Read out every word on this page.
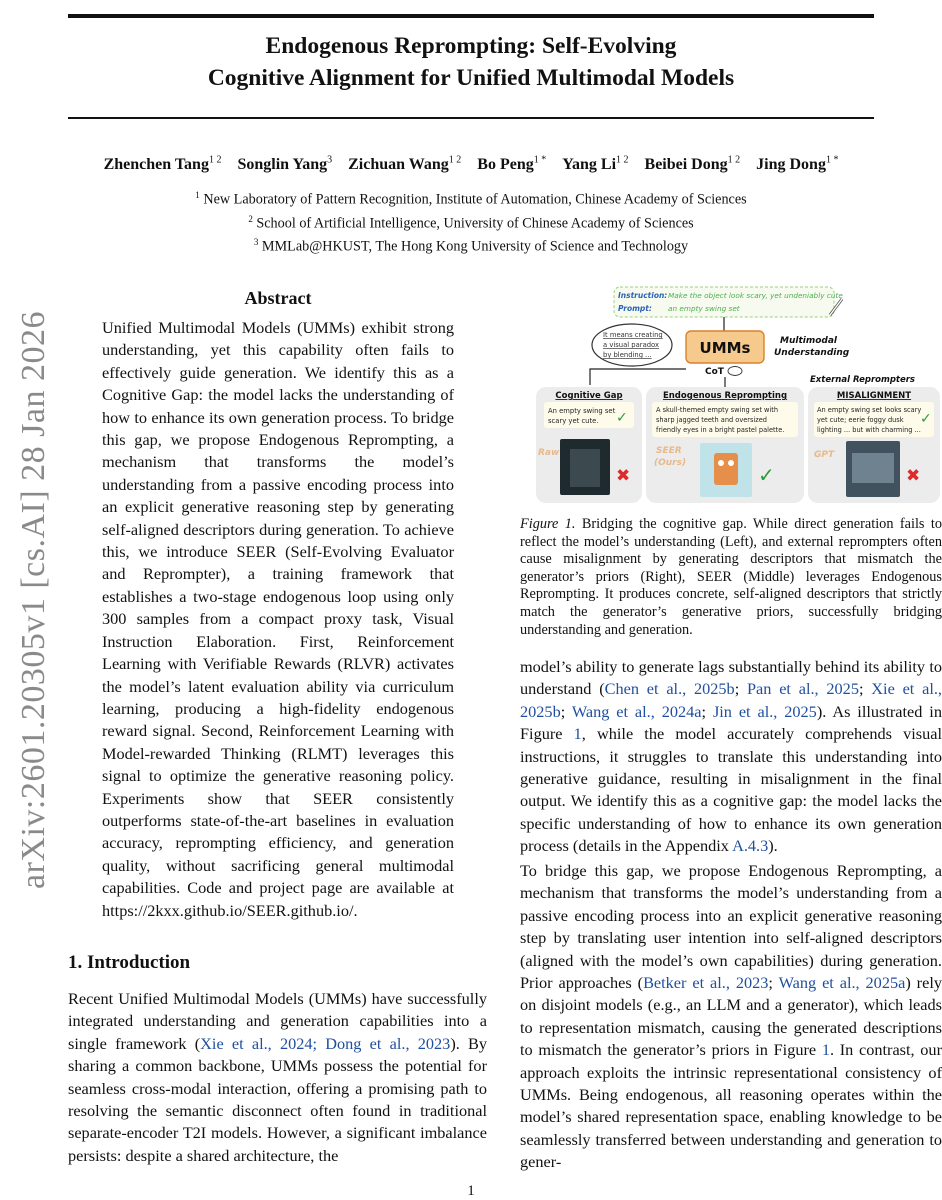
Endogenous Reprompting: Self-Evolving
Cognitive Alignment for Unified Multimodal Models
Zhenchen Tang$^{1 2}$ Songlin Yang$^3$ Zichuan Wang$^{1 2}$ Bo Peng$^{1 *}$ Yang $Li^{1 2}$ Beibei Dong$^{1 2}$ Jing Dong$^{1 *}$
$^1$ New Laboratory of Pattern Recognition, Institute of Automation, Chinese Academy of Sciences
$^2$ School of Artificial Intelligence, University of Chinese Academy of Sciences
$^3$ MMLab@HKUST, The Hong Kong University of Science and Technology
arXiv:2601.20305v1 [cs.AI] 28 Jan 2026
Abstract
Unified Multimodal Models (UMMs) exhibit strong understanding, yet this capability often fails to effectively guide generation. We identify this as a Cognitive Gap: the model lacks the understanding of how to enhance its own generation process. To bridge this gap, we propose Endogenous Reprompting, a mechanism that transforms the model’s understanding from a passive encoding process into an explicit generative reasoning step by generating self-aligned descriptors during generation. To achieve this, we introduce SEER (Self-Evolving Evaluator and Reprompter), a training framework that establishes a two-stage endogenous loop using only 300 samples from a compact proxy task, Visual Instruction Elaboration. First, Reinforcement Learning with Verifiable Rewards (RLVR) activates the model’s latent evaluation ability via curriculum learning, producing a high-fidelity endogenous reward signal. Second, Reinforcement Learning with Model-rewarded Thinking (RLMT) leverages this signal to optimize the generative reasoning policy. Experiments show that SEER consistently outperforms state-of-the-art baselines in evaluation accuracy, reprompting efficiency, and generation quality, without sacrificing general multimodal capabilities. Code and project page are available at https://2kxx.github.io/SEER.github.io/.
1. Introduction
Recent Unified Multimodal Models (UMMs) have successfully integrated understanding and generation capabilities into a single framework (Xie et al., 2024; Dong et al., 2023). By sharing a common backbone, UMMs possess the potential for seamless cross-modal interaction, offering a promising path to resolving the semantic disconnect often found in traditional separate-encoder T2I models. However, a significant imbalance persists: despite a shared architecture, the
Instruction: Make the object look scary, yet undeniably cute
Prompt: an empty swing set
It means creating
a visual paradox
by blending ...	UMMs	Multimodal
Understanding
CoT
External Reprompters
Cognitive Gap
An empty swing set
scary yet cute. ✓
Raw
✖
Endogenous Reprompting
A skull-themed empty swing set with
sharp jagged teeth and oversized
friendly eyes in a bright pastel palette.
SEER
(Ours)	✓
MISALIGNMENT
An empty swing set looks scary
yet cute; eerie foggy dusk
lighting ... but with charming ...
✓
GPT
✖
Figure 1. Bridging the cognitive gap. While direct generation fails to reflect the model’s understanding (Left), and external reprompters often cause misalignment by generating descriptors that mismatch the generator’s priors (Right), SEER (Middle) leverages Endogenous Reprompting. It produces concrete, self-aligned descriptors that strictly match the generator’s generative priors, successfully bridging understanding and generation.
model’s ability to generate lags substantially behind its ability to understand (Chen et al., 2025b; Pan et al., 2025; Xie et al., 2025b; Wang et al., 2024a; Jin et al., 2025). As illustrated in Figure 1, while the model accurately comprehends visual instructions, it struggles to translate this understanding into generative guidance, resulting in misalignment in the final output. We identify this as a cognitive gap: the model lacks the specific understanding of how to enhance its own generation process (details in the Appendix A.4.3).
To bridge this gap, we propose Endogenous Reprompting, a mechanism that transforms the model’s understanding from a passive encoding process into an explicit generative reasoning step by translating user intention into self-aligned descriptors (aligned with the model’s own capabilities) during generation. Prior approaches (Betker et al., 2023; Wang et al., 2025a) rely on disjoint models (e.g., an LLM and a generator), which leads to representation mismatch, causing the generated descriptions to mismatch the generator’s priors in Figure 1. In contrast, our approach exploits the intrinsic representational consistency of UMMs. Being endogenous, all reasoning operates within the model’s shared representation space, enabling knowledge to be seamlessly transferred between understanding and generation to gener-
1
